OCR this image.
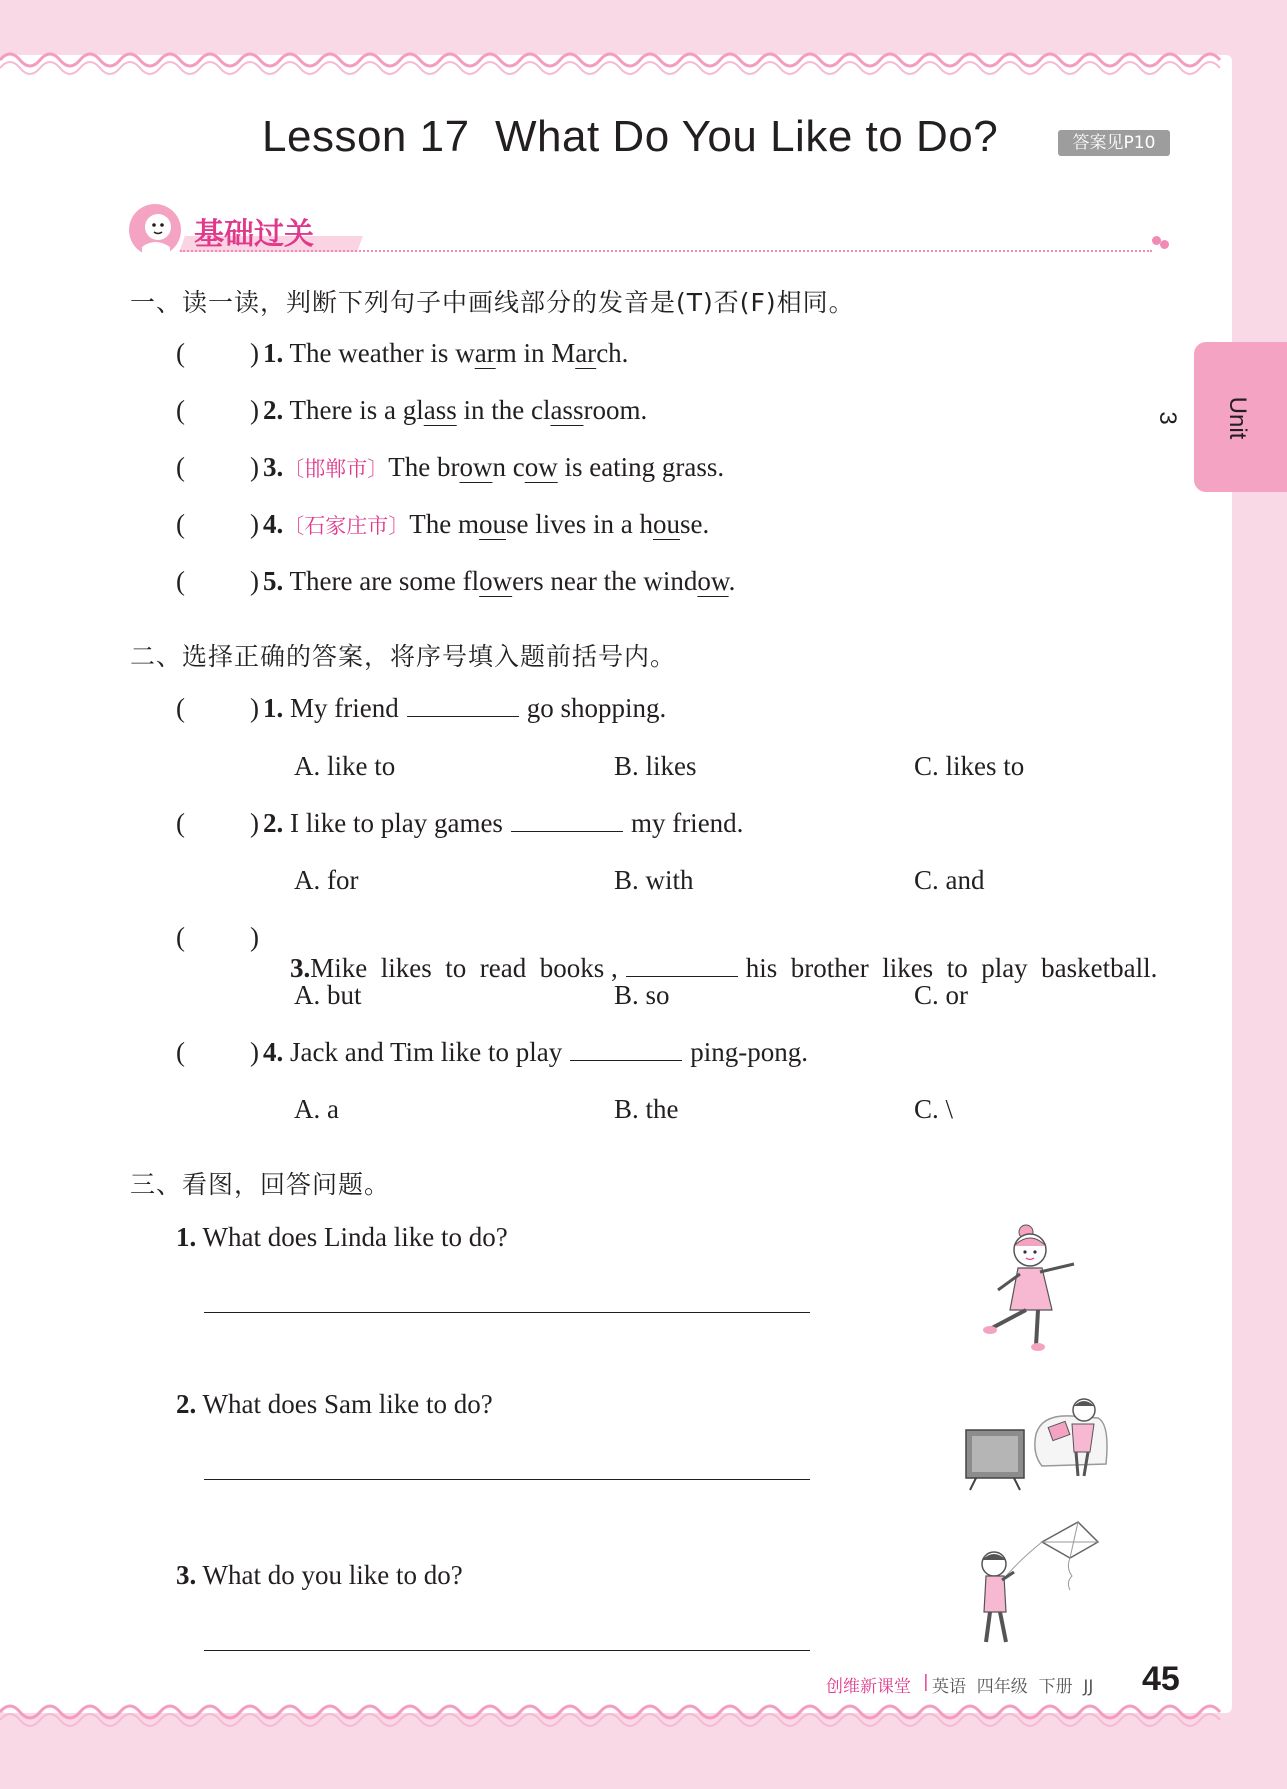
Lesson 17 What Do You Like to Do?	答案见P10
基础过关
Unit 3
一、读一读，判断下列句子中画线部分的发音是(T)否(F)相同。
( ) 1. The weather is warm in March.
( ) 2. There is a glass in the classroom.
( ) 3.〔邯郸市〕The brown cow is eating grass.
( ) 4.〔石家庄市〕The mouse lives in a house.
( ) 5. There are some flowers near the window.
二、选择正确的答案，将序号填入题前括号内。
( ) 1. My friend	go shopping.
A. like to	B. likes	C. likes to
( ) 2. I like to play games	my friend.
A. for	B. with	C. and
( )

3.Mike  likes  to  read  books ,	his  brother  likes  to  play  basketball.

A. but	B. so	C. or
( ) 4. Jack and Tim like to play	ping-pong.
A. a	B. the	C. \
三、看图，回答问题。
1. What does Linda like to do?
2. What does Sam like to do?
3. What do you like to do?
创维新课堂 | 英语  四年级  下册  JJ 45
